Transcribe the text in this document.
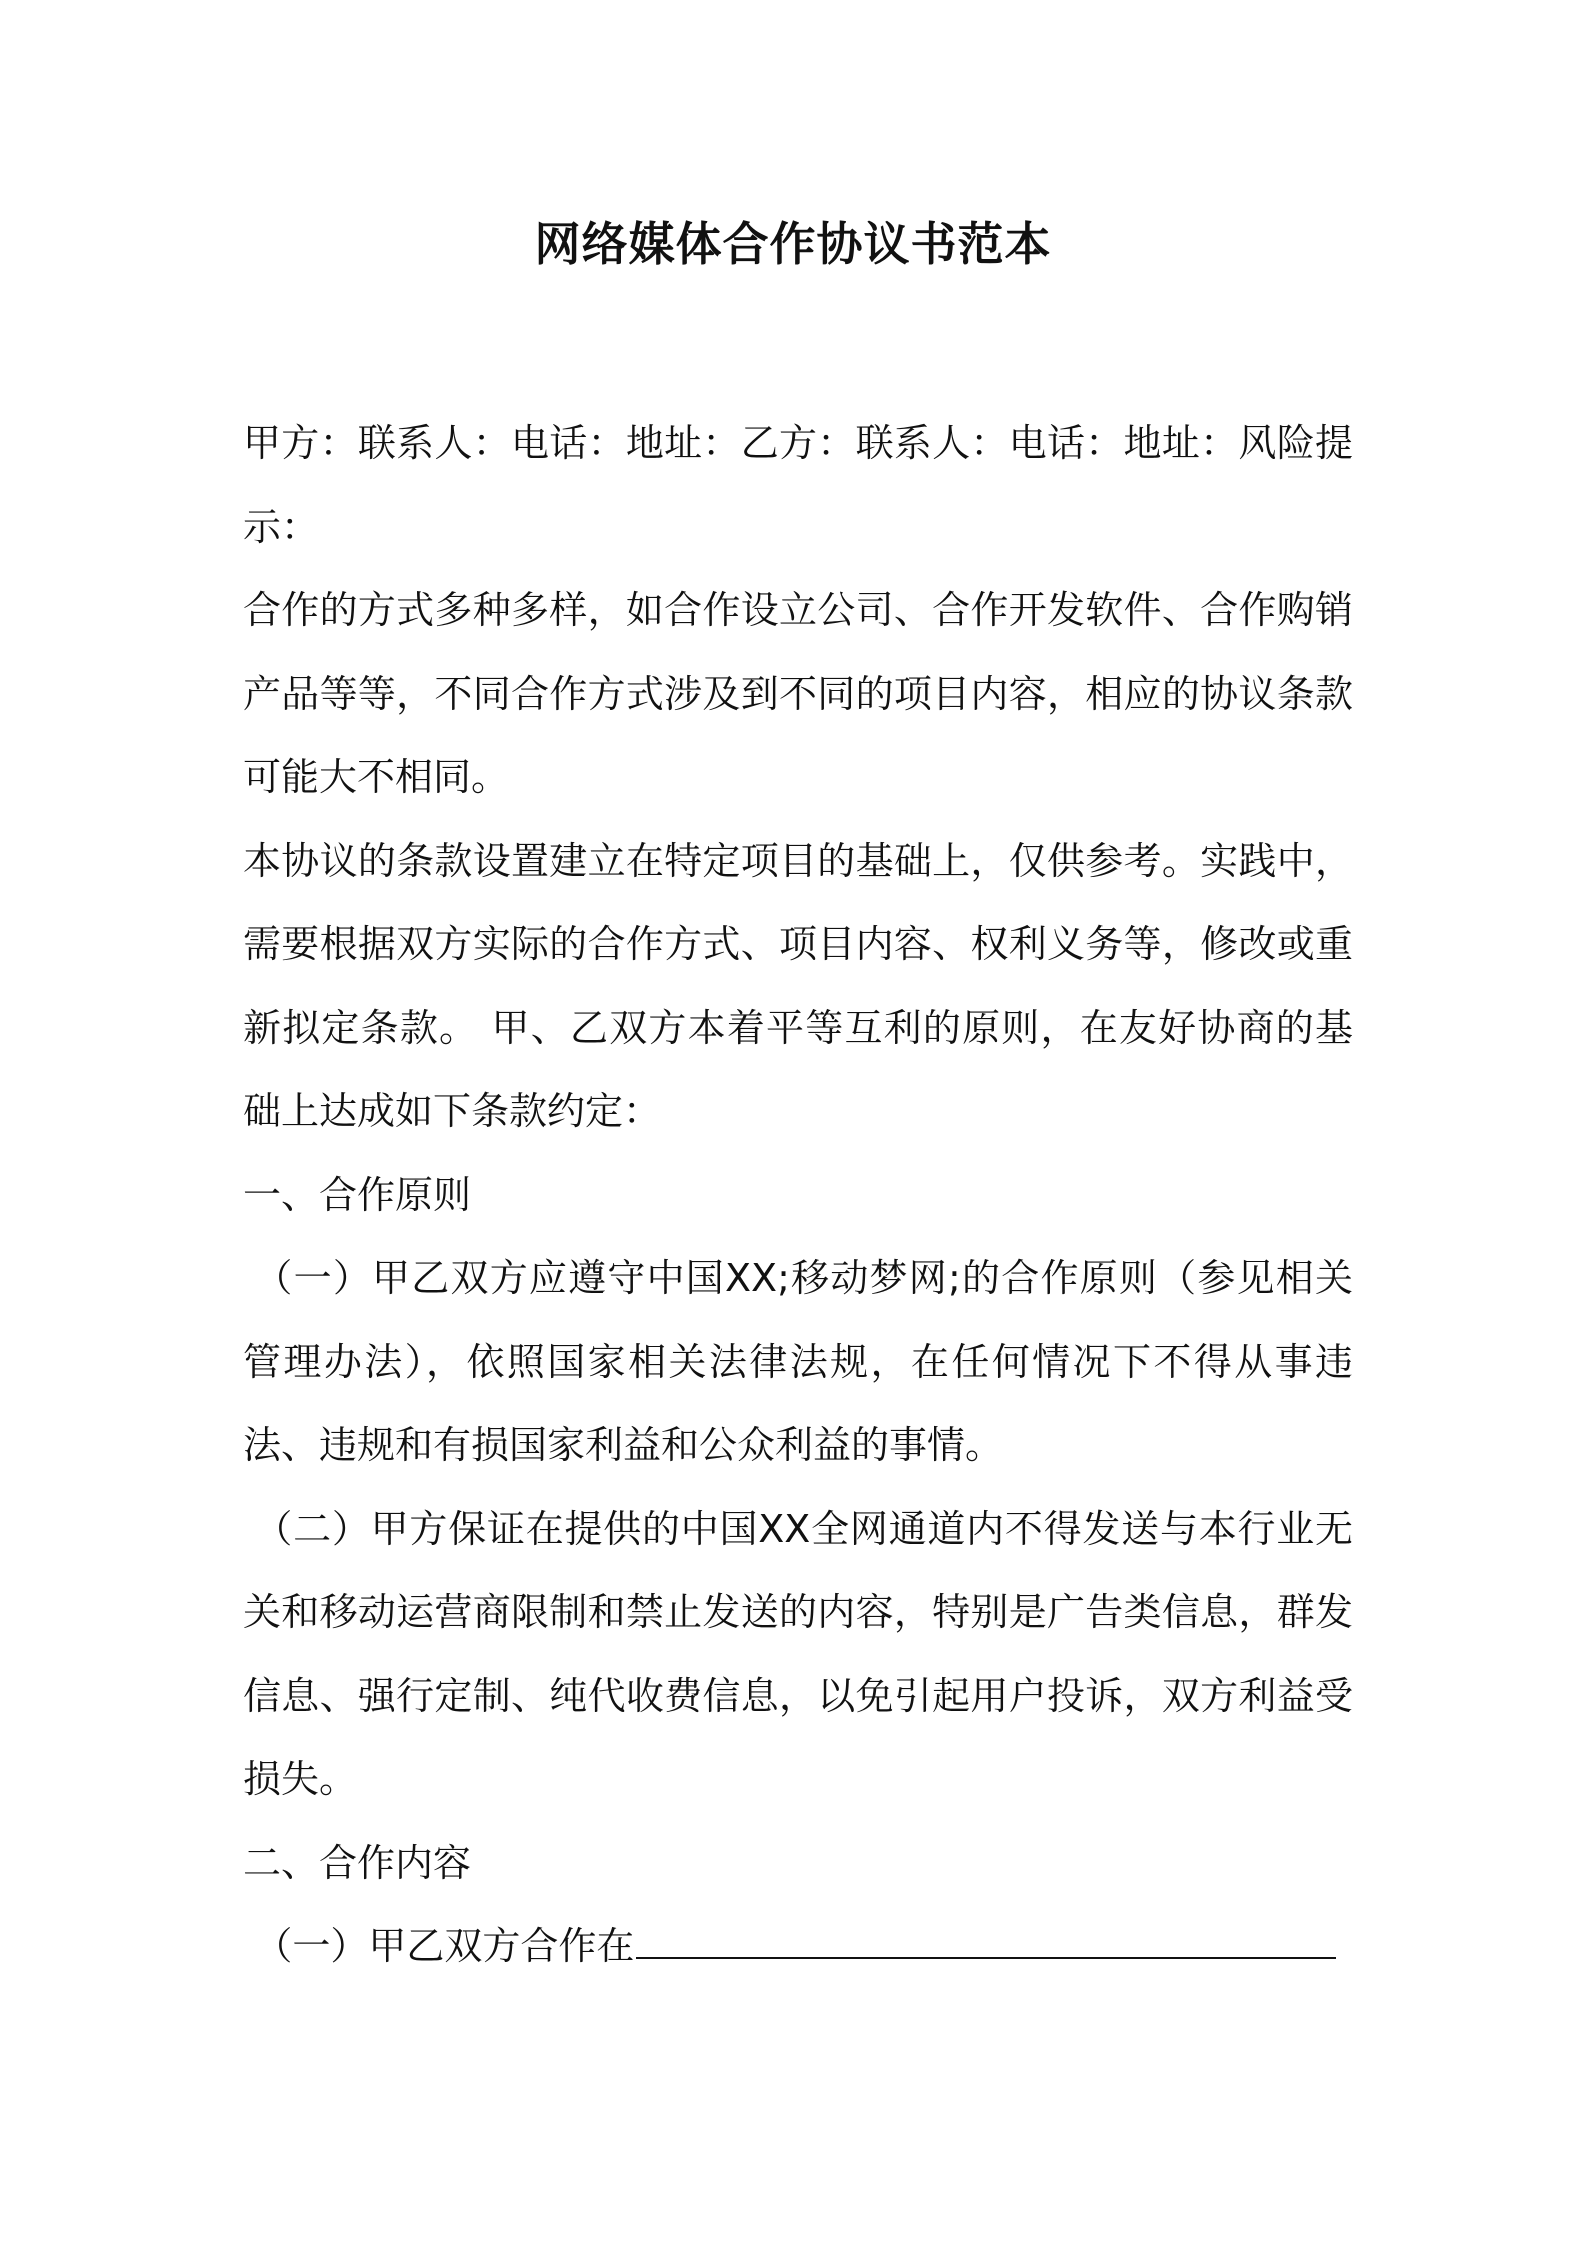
网络媒体合作协议书范本

甲方：联系人：电话：地址：乙方：联系人：电话：地址：风险提示：

合作的方式多种多样，如合作设立公司、合作开发软件、合作购销产品等等，不同合作方式涉及到不同的项目内容，相应的协议条款可能大不相同。

本协议的条款设置建立在特定项目的基础上，仅供参考。实践中，需要根据双方实际的合作方式、项目内容、权利义务等，修改或重新拟定条款。 甲、乙双方本着平等互利的原则，在友好协商的基础上达成如下条款约定：

一、合作原则

（一）甲乙双方应遵守中国XX;移动梦网;的合作原则（参见相关管理办法），依照国家相关法律法规，在任何情况下不得从事违法、违规和有损国家利益和公众利益的事情。

（二）甲方保证在提供的中国XX全网通道内不得发送与本行业无关和移动运营商限制和禁止发送的内容，特别是广告类信息，群发信息、强行定制、纯代收费信息，以免引起用户投诉，双方利益受损失。

二、合作内容

（一）甲乙双方合作在
